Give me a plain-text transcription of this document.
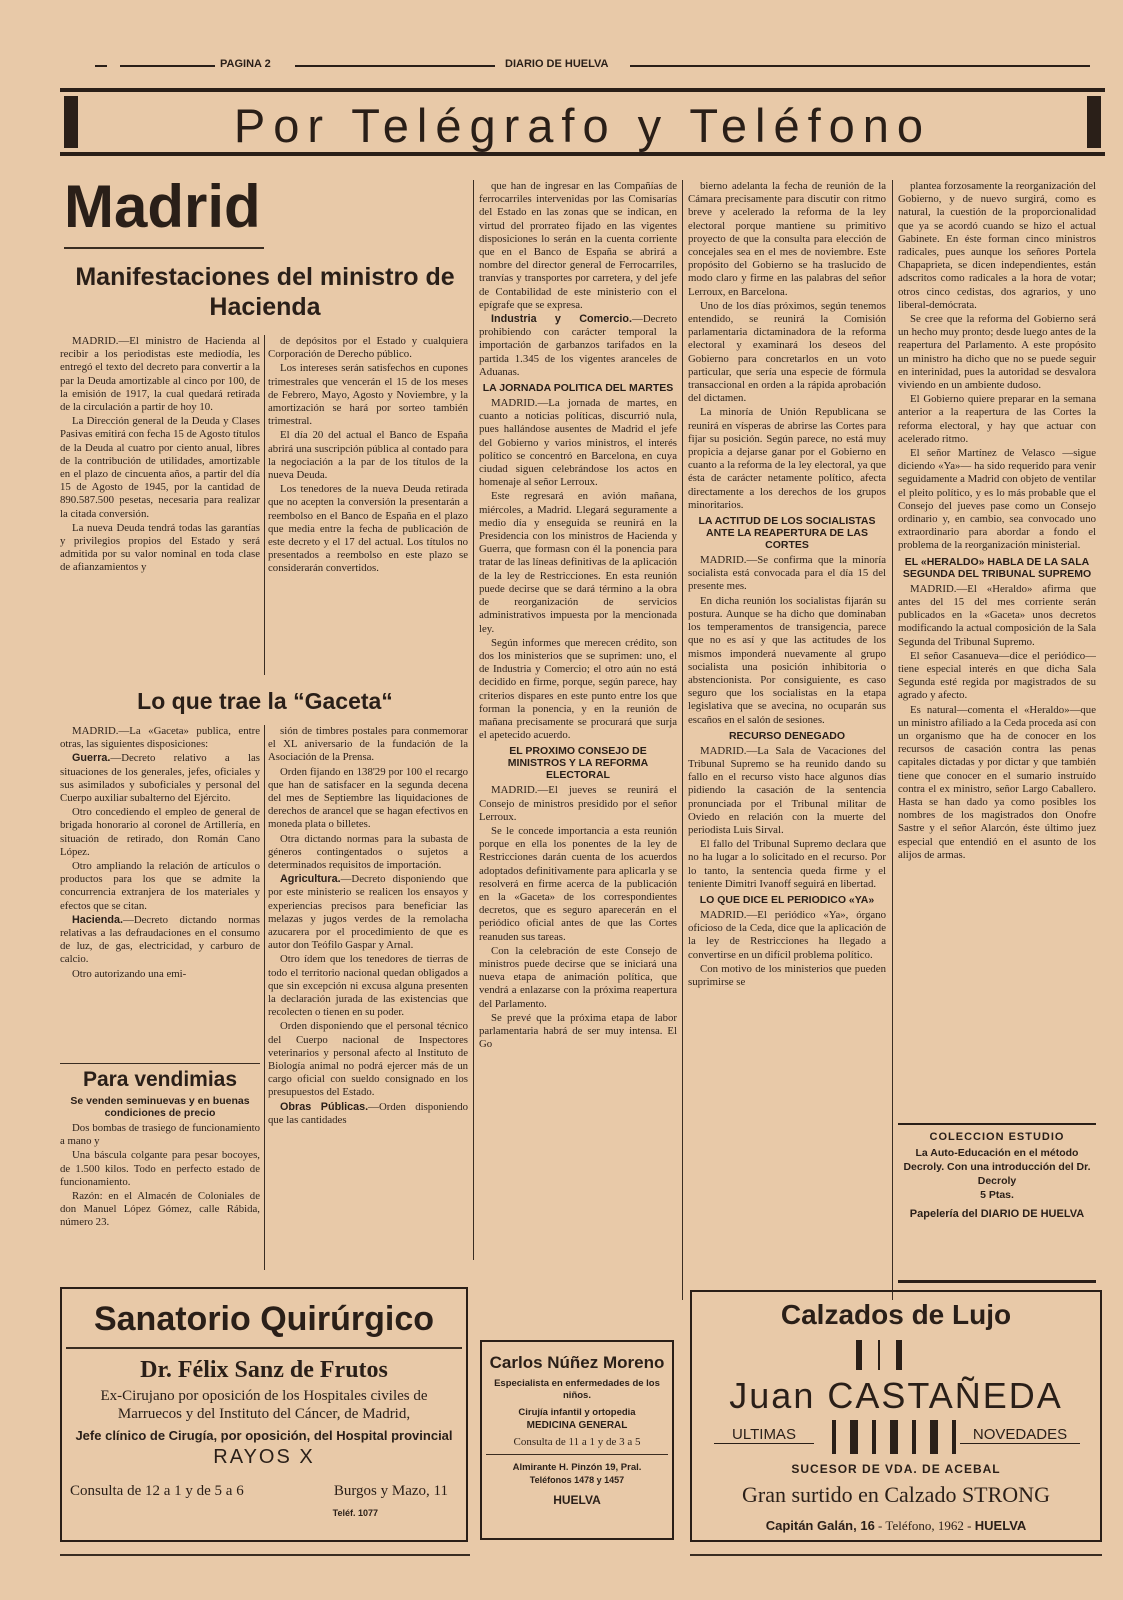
PAGINA 2	DIARIO DE HUELVA
Por Telégrafo y Teléfono
Madrid
Manifestaciones del ministro de Hacienda

MADRID.—El ministro de Hacienda al recibir a los periodistas este mediodía, les entregó el texto del decreto para convertir a la par la Deuda amortizable al cinco por 100, de la emisión de 1917, la cual quedará retirada de la circulación a partir de hoy 10.

La Dirección general de la Deuda y Clases Pasivas emitirá con fecha 15 de Agosto títulos de la Deuda al cuatro por ciento anual, libres de la contribución de utilidades, amortizable en el plazo de cincuenta años, a partir del día 15 de Agosto de 1945, por la cantidad de 890.587.500 pesetas, necesaria para realizar la citada conversión.

La nueva Deuda tendrá todas las garantías y privilegios propios del Estado y será admitida por su valor nominal en toda clase de afianzamientos y

de depósitos por el Estado y cualquiera Corporación de Derecho público.

Los intereses serán satisfechos en cupones trimestrales que vencerán el 15 de los meses de Febrero, Mayo, Agosto y Noviembre, y la amortización se hará por sorteo también trimestral.

El día 20 del actual el Banco de España abrirá una suscripción pública al contado para la negociación a la par de los títulos de la nueva Deuda.

Los tenedores de la nueva Deuda retirada que no acepten la conversión la presentarán a reembolso en el Banco de España en el plazo que media entre la fecha de publicación de este decreto y el 17 del actual. Los títulos no presentados a reembolso en este plazo se considerarán convertidos.

Lo que trae la “Gaceta“

MADRID.—La «Gaceta» publica, entre otras, las siguientes disposiciones:

Guerra.—Decreto relativo a las situaciones de los generales, jefes, oficiales y sus asimilados y suboficiales y personal del Cuerpo auxiliar subalterno del Ejército.

Otro concediendo el empleo de general de brigada honorario al coronel de Artillería, en situación de retirado, don Román Cano López.

Otro ampliando la relación de artículos o productos para los que se admite la concurrencia extranjera de los materiales y efectos que se citan.

Hacienda.—Decreto dictando normas relativas a las defraudaciones en el consumo de luz, de gas, electricidad, y carburo de calcio.

Otro autorizando una emi-

sión de timbres postales para conmemorar el XL aniversario de la fundación de la Asociación de la Prensa.

Orden fijando en 138'29 por 100 el recargo que han de satisfacer en la segunda decena del mes de Septiembre las liquidaciones de derechos de arancel que se hagan efectivos en moneda plata o billetes.

Otra dictando normas para la subasta de géneros contingentados o sujetos a determinados requisitos de importación.

Agricultura.—Decreto disponiendo que por este ministerio se realicen los ensayos y experiencias precisos para beneficiar las melazas y jugos verdes de la remolacha azucarera por el procedimiento de que es autor don Teófilo Gaspar y Arnal.

Otro ídem que los tenedores de tierras de todo el territorio nacional quedan obligados a que sin excepción ni excusa alguna presenten la declaración jurada de las existencias que recolecten o tienen en su poder.

Orden disponiendo que el personal técnico del Cuerpo nacional de Inspectores veterinarios y personal afecto al Instituto de Biología animal no podrá ejercer más de un cargo oficial con sueldo consignado en los presupuestos del Estado.

Obras Públicas.—Orden disponiendo que las cantidades

Para vendimias
Se venden seminuevas y en buenas condiciones de precio

Dos bombas de trasiego de funcionamiento a mano y

Una báscula colgante para pesar bocoyes, de 1.500 kilos. Todo en perfecto estado de funcionamiento.

Razón: en el Almacén de Coloniales de don Manuel López Gómez, calle Rábida, número 23.

que han de ingresar en las Compañías de ferrocarriles intervenidas por las Comisarías del Estado en las zonas que se indican, en virtud del prorrateo fijado en las vigentes disposiciones lo serán en la cuenta corriente que en el Banco de España se abrirá a nombre del director general de Ferrocarriles, tranvías y transportes por carretera, y del jefe de Contabilidad de este ministerio con el epígrafe que se expresa.

Industria y Comercio.—Decreto prohibiendo con carácter temporal la importación de garbanzos tarifados en la partida 1.345 de los vigentes aranceles de Aduanas.

LA JORNADA POLITICA DEL MARTES

MADRID.—La jornada de martes, en cuanto a noticias políticas, discurrió nula, pues hallándose ausentes de Madrid el jefe del Gobierno y varios ministros, el interés político se concentró en Barcelona, en cuya ciudad siguen celebrándose los actos en homenaje al señor Lerroux.

Este regresará en avión mañana, miércoles, a Madrid. Llegará seguramente a medio día y enseguida se reunirá en la Presidencia con los ministros de Hacienda y Guerra, que formasn con él la ponencia para tratar de las líneas definitivas de la aplicación de la ley de Restricciones. En esta reunión puede decirse que se dará término a la obra de reorganización de servicios administrativos impuesta por la mencionada ley.

Según informes que merecen crédito, son dos los ministerios que se suprimen: uno, el de Industria y Comercio; el otro aún no está decidido en firme, porque, según parece, hay criterios dispares en este punto entre los que forman la ponencia, y en la reunión de mañana precisamente se procurará que surja el apetecido acuerdo.

EL PROXIMO CONSEJO DE MINISTROS Y LA REFORMA ELECTORAL

MADRID.—El jueves se reunirá el Consejo de ministros presidido por el señor Lerroux.

Se le concede importancia a esta reunión porque en ella los ponentes de la ley de Restricciones darán cuenta de los acuerdos adoptados definitivamente para aplicarla y se resolverá en firme acerca de la publicación en la «Gaceta» de los correspondientes decretos, que es seguro aparecerán en el periódico oficial antes de que las Cortes reanuden sus tareas.

Con la celebración de este Consejo de ministros puede decirse que se iniciará una nueva etapa de animación política, que vendrá a enlazarse con la próxima reapertura del Parlamento.

Se prevé que la próxima etapa de labor parlamentaria habrá de ser muy intensa. El Go

bierno adelanta la fecha de reunión de la Cámara precisamente para discutir con ritmo breve y acelerado la reforma de la ley electoral porque mantiene su primitivo proyecto de que la consulta para elección de concejales sea en el mes de noviembre. Este propósito del Gobierno se ha traslucido de modo claro y firme en las palabras del señor Lerroux, en Barcelona.

Uno de los días próximos, según tenemos entendido, se reunirá la Comisión parlamentaria dictaminadora de la reforma electoral y examinará los deseos del Gobierno para concretarlos en un voto particular, que sería una especie de fórmula transaccional en orden a la rápida aprobación del dictamen.

La minoría de Unión Republicana se reunirá en vísperas de abrirse las Cortes para fijar su posición. Según parece, no está muy propicia a dejarse ganar por el Gobierno en cuanto a la reforma de la ley electoral, ya que ésta de carácter netamente político, afecta directamente a los derechos de los grupos minoritarios.

LA ACTITUD DE LOS SOCIALISTAS ANTE LA REAPERTURA DE LAS CORTES

MADRID.—Se confirma que la minoría socialista está convocada para el día 15 del presente mes.

En dicha reunión los socialistas fijarán su postura. Aunque se ha dicho que dominaban los temperamentos de transigencia, parece que no es así y que las actitudes de los mismos imponderá nuevamente al grupo socialista una posición inhibitoria o abstencionista. Por consiguiente, es caso seguro que los socialistas en la etapa legislativa que se avecina, no ocuparán sus escaños en el salón de sesiones.

RECURSO DENEGADO

MADRID.—La Sala de Vacaciones del Tribunal Supremo se ha reunido dando su fallo en el recurso visto hace algunos días pidiendo la casación de la sentencia pronunciada por el Tribunal militar de Oviedo en relación con la muerte del periodista Luis Sirval.

El fallo del Tribunal Supremo declara que no ha lugar a lo solicitado en el recurso. Por lo tanto, la sentencia queda firme y el teniente Dimitri Ivanoff seguirá en libertad.

LO QUE DICE EL PERIODICO «YA»

MADRID.—El periódico «Ya», órgano oficioso de la Ceda, dice que la aplicación de la ley de Restricciones ha llegado a convertirse en un difícil problema político.

Con motivo de los ministerios que pueden suprimirse se

plantea forzosamente la reorganización del Gobierno, y de nuevo surgirá, como es natural, la cuestión de la proporcionalidad que ya se acordó cuando se hizo el actual Gabinete. En éste forman cinco ministros radicales, pues aunque los señores Portela Chapaprieta, se dicen independientes, están adscritos como radicales a la hora de votar; otros cinco cedistas, dos agrarios, y uno liberal-demócrata.

Se cree que la reforma del Gobierno será un hecho muy pronto; desde luego antes de la reapertura del Parlamento. A este propósito un ministro ha dicho que no se puede seguir en interinidad, pues la autoridad se desvalora viviendo en un ambiente dudoso.

El Gobierno quiere preparar en la semana anterior a la reapertura de las Cortes la reforma electoral, y hay que actuar con acelerado ritmo.

El señor Martínez de Velasco —sigue diciendo «Ya»— ha sido requerido para venir seguidamente a Madrid con objeto de ventilar el pleito político, y es lo más probable que el Consejo del jueves pase como un Consejo ordinario y, en cambio, sea convocado uno extraordinario para abordar a fondo el problema de la reorganización ministerial.

EL «HERALDO» HABLA DE LA SALA SEGUNDA DEL TRIBUNAL SUPREMO

MADRID.—El «Heraldo» afirma que antes del 15 del mes corriente serán publicados en la «Gaceta» unos decretos modificando la actual composición de la Sala Segunda del Tribunal Supremo.

El señor Casanueva—dice el periódico—tiene especial interés en que dicha Sala Segunda esté regida por magistrados de su agrado y afecto.

Es natural—comenta el «Heraldo»—que un ministro afiliado a la Ceda proceda así con un organismo que ha de conocer en los recursos de casación contra las penas capitales dictadas y por dictar y que también tiene que conocer en el sumario instruído contra el ex ministro, señor Largo Caballero. Hasta se han dado ya como posibles los nombres de los magistrados don Onofre Sastre y el señor Alarcón, éste último juez especial que entendió en el asunto de los alijos de armas.

COLECCION ESTUDIO
La Auto-Educación en el método Decroly. Con una introducción del Dr. Decroly
5 Ptas.
Papelería del DIARIO DE HUELVA
Sanatorio Quirúrgico
Dr. Félix Sanz de Frutos
Ex-Cirujano por oposición de los Hospitales civiles de Marruecos y del Instituto del Cáncer, de Madrid,
Jefe clínico de Cirugía, por oposición, del Hospital provincial
RAYOS X
Consulta de 12 a 1 y de 5 a 6	Burgos y Mazo, 11
Teléf. 1077
Carlos Núñez Moreno
Especialista en enfermedades de los niños.
Cirujía infantil y ortopedia
MEDICINA GENERAL
Consulta de 11 a 1 y de 3 a 5
Almirante H. Pinzón 19, Pral.
Teléfonos 1478 y 1457
HUELVA
Calzados de Lujo
Juan CASTAÑEDA
ULTIMAS	NOVEDADES
SUCESOR DE VDA. DE ACEBAL
Gran surtido en Calzado STRONG
Capitán Galán, 16 - Teléfono, 1962 - HUELVA
